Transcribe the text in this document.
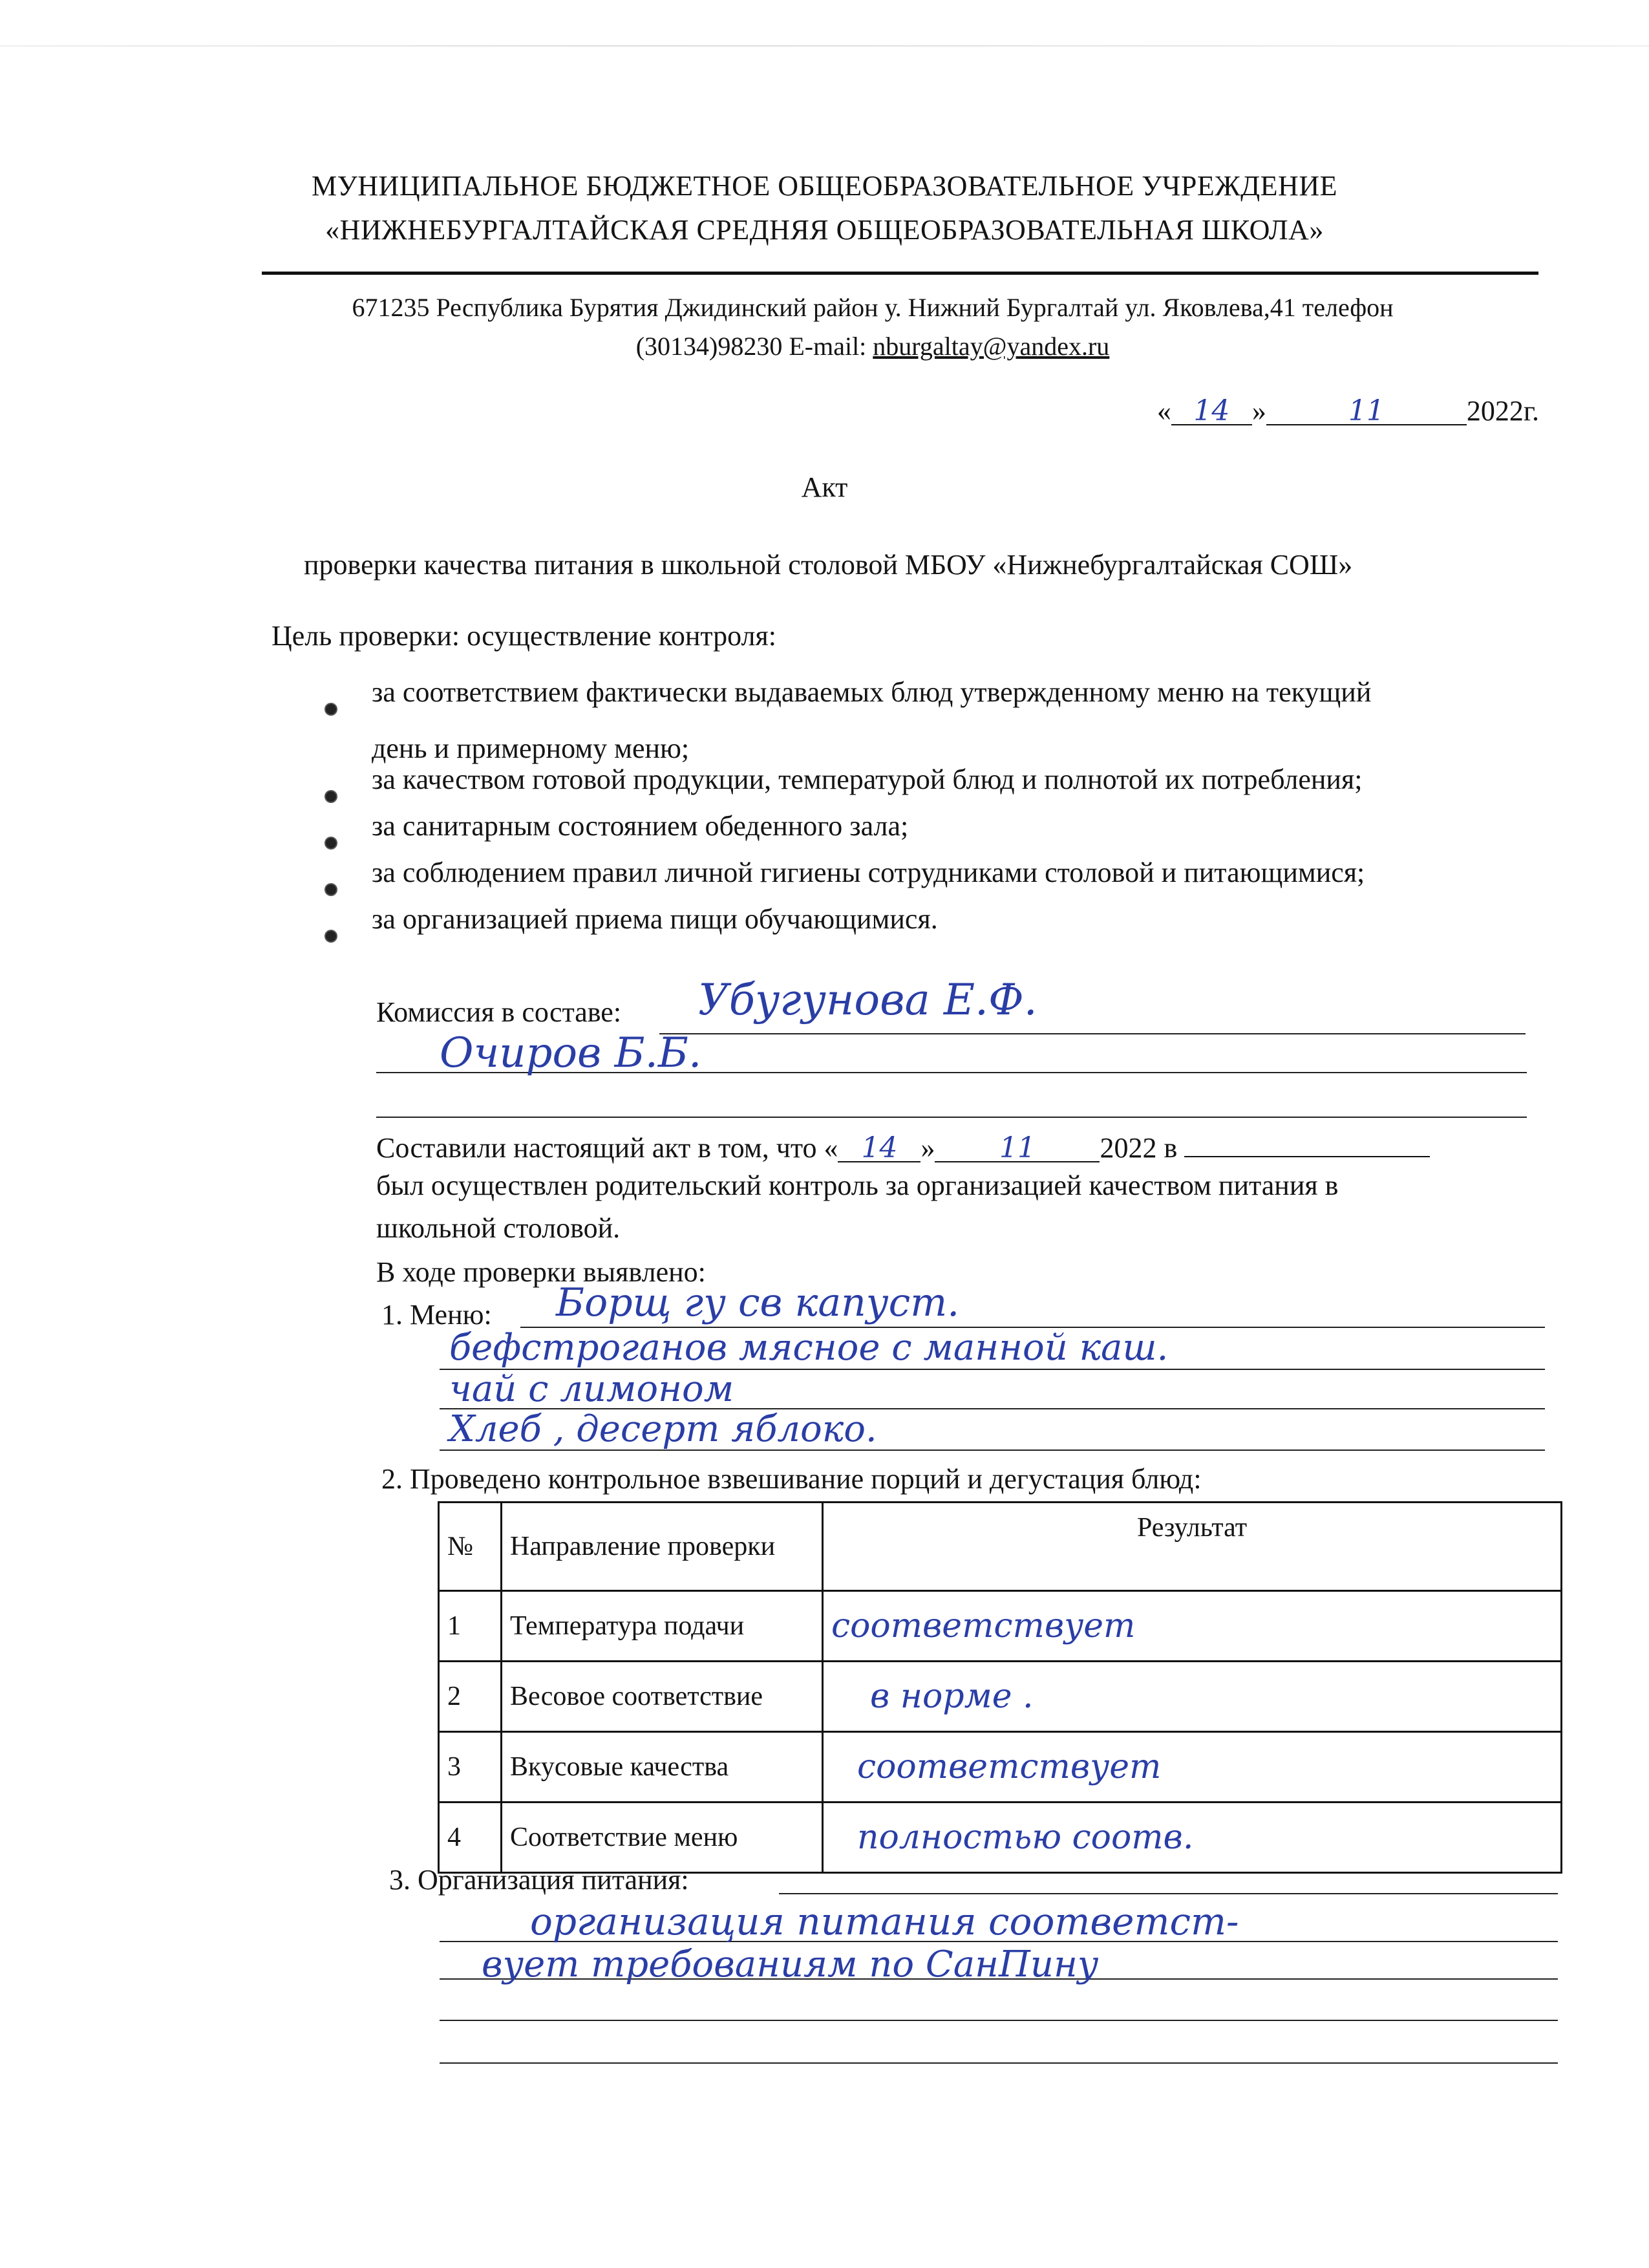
МУНИЦИПАЛЬНОЕ БЮДЖЕТНОЕ ОБЩЕОБРАЗОВАТЕЛЬНОЕ УЧРЕЖДЕНИЕ
«НИЖНЕБУРГАЛТАЙСКАЯ СРЕДНЯЯ ОБЩЕОБРАЗОВАТЕЛЬНАЯ ШКОЛА»
671235 Республика Бурятия Джидинский район у. Нижний Бургалтай ул. Яковлева,41 телефон
(30134)98230 E-mail: nburgaltay@yandex.ru
« 14 »	11	2022г.
Акт
проверки качества питания в школьной столовой МБОУ «Нижнебургалтайская СОШ»
Цель проверки: осуществление контроля:
за соответствием фактически выдаваемых блюд утвержденному меню на текущий
день и примерному меню;
за качеством готовой продукции, температурой блюд и полнотой их потребления;
за санитарным состоянием обеденного зала;
за соблюдением правил личной гигиены сотрудниками столовой и питающимися;
за организацией приема пищи обучающимися.
Комиссия в составе: Убугунова Е.Ф.
Очиров Б.Б.
Составили настоящий акт в том, что « 14 » 11 2022 в
был осуществлен родительский контроль за организацией качеством питания в
школьной столовой.
В ходе проверки выявлено:
1. Меню: Борщ гу св капуст.
бефстроганов мясное с манной каш.
чай с лимоном
Хлеб , десерт яблоко.
2. Проведено контрольное взвешивание порций и дегустация блюд:
№	Направление проверки	Результат
1	Температура подачи	соответствует
2	Весовое соответствие	в норме .
3	Вкусовые качества	соответствует
4	Соответствие меню	полностью соотв.
3. Организация питания:
организация питания соответст-
вует требованиям по СанПину
